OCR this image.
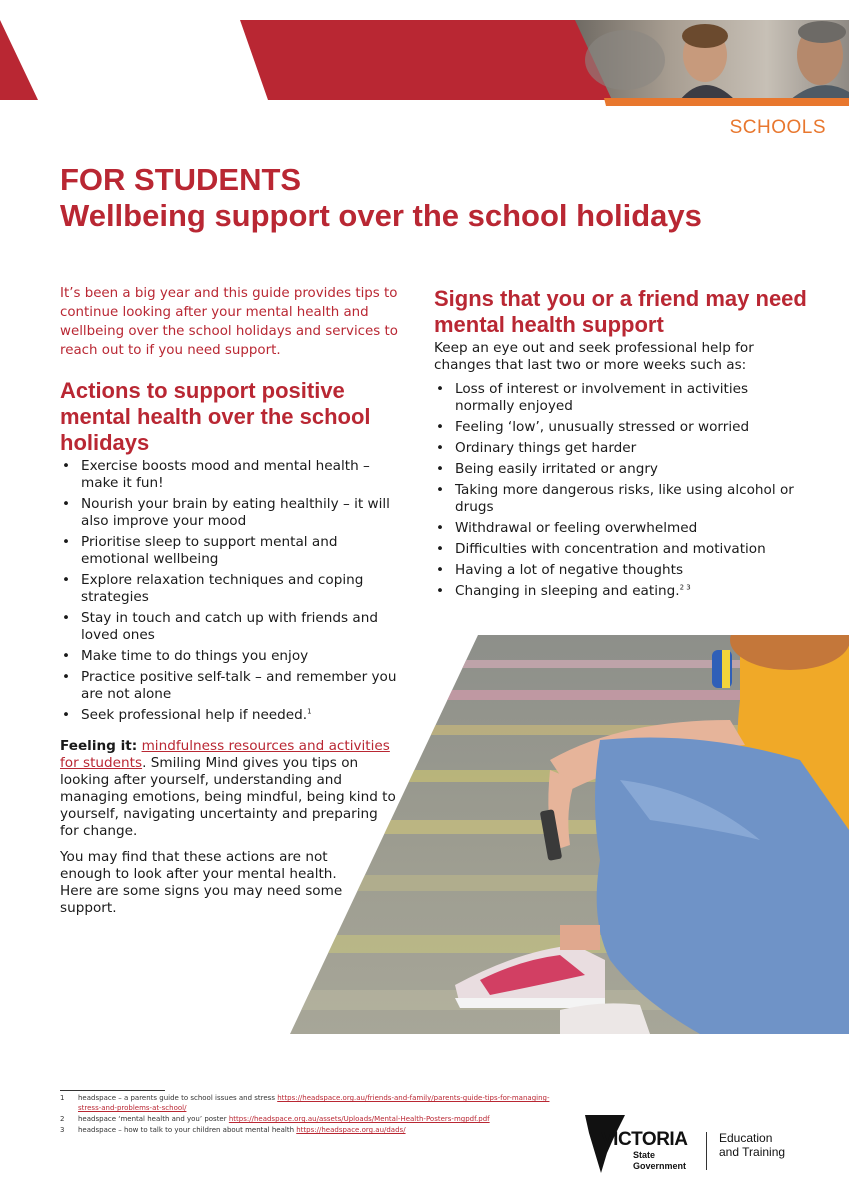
THE
EDUCATION
STATE
SCHOOLS
FOR STUDENTS
Wellbeing support over the school holidays
It’s been a big year and this guide provides tips to continue looking after your mental health and wellbeing over the school holidays and services to reach out to if you need support.
Actions to support positive mental health over the school holidays
• Exercise boosts mood and mental health – make it fun!
• Nourish your brain by eating healthily – it will also improve your mood
• Prioritise sleep to support mental and emotional wellbeing
• Explore relaxation techniques and coping strategies
• Stay in touch and catch up with friends and loved ones
• Make time to do things you enjoy
• Practice positive self-talk – and remember you are not alone
• Seek professional help if needed.$^1$
Feeling it: mindfulness resources and activities for students. Smiling Mind gives you tips on looking after yourself, understanding and managing emotions, being mindful, being kind to yourself, navigating uncertainty and preparing for change.
You may find that these actions are not enough to look after your mental health. Here are some signs you may need some support.
Signs that you or a friend may need mental health support
Keep an eye out and seek professional help for changes that last two or more weeks such as:
• Loss of interest or involvement in activities normally enjoyed
• Feeling ‘low’, unusually stressed or worried
• Ordinary things get harder
• Being easily irritated or angry
• Taking more dangerous risks, like using alcohol or drugs
• Withdrawal or feeling overwhelmed
• Difficulties with concentration and motivation
• Having a lot of negative thoughts
• Changing in sleeping and eating.$^{2 3}$
1 headspace – a parents guide to school issues and stress https://headspace.org.au/friends-and-family/parents-guide-tips-for-managing-stress-and-problems-at-school/
2 headspace ‘mental health and you’ poster https://headspace.org.au/assets/Uploads/Mental-Health-Posters-mgpdf.pdf
3 headspace – how to talk to your children about mental health https://headspace.org.au/dads/	VICTORIA
State
Government
Education
and Training
